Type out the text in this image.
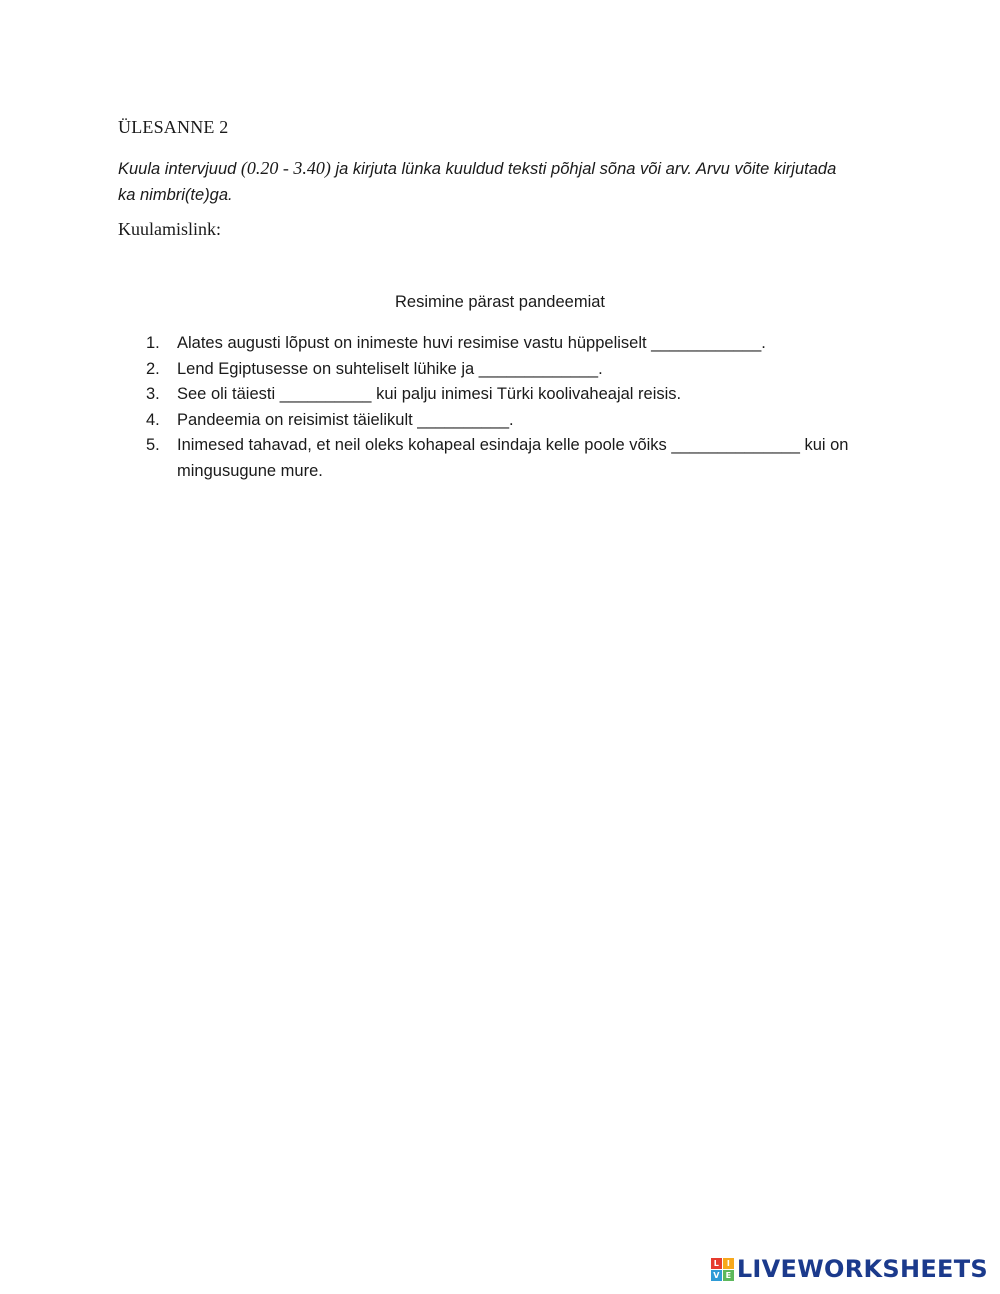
ÜLESANNE 2
Kuula intervjuud (0.20 - 3.40) ja kirjuta lünka kuuldud teksti põhjal sõna või arv. Arvu võite kirjutada ka nimbri(te)ga.
Kuulamislink:
Resimine pärast pandeemiat
1.	Alates augusti lõpust on inimeste huvi resimise vastu hüppeliselt ____________.
2.	Lend Egiptusesse on suhteliselt lühike ja _____________.
3.	See oli täiesti __________ kui palju inimesi Türki koolivaheajal reisis.
4.	Pandeemia on reisimist täielikult __________.
5.	Inimesed tahavad, et neil oleks kohapeal esindaja kelle poole võiks ______________ kui on mingusugune mure.
L I
V E LIVEWORKSHEETS
